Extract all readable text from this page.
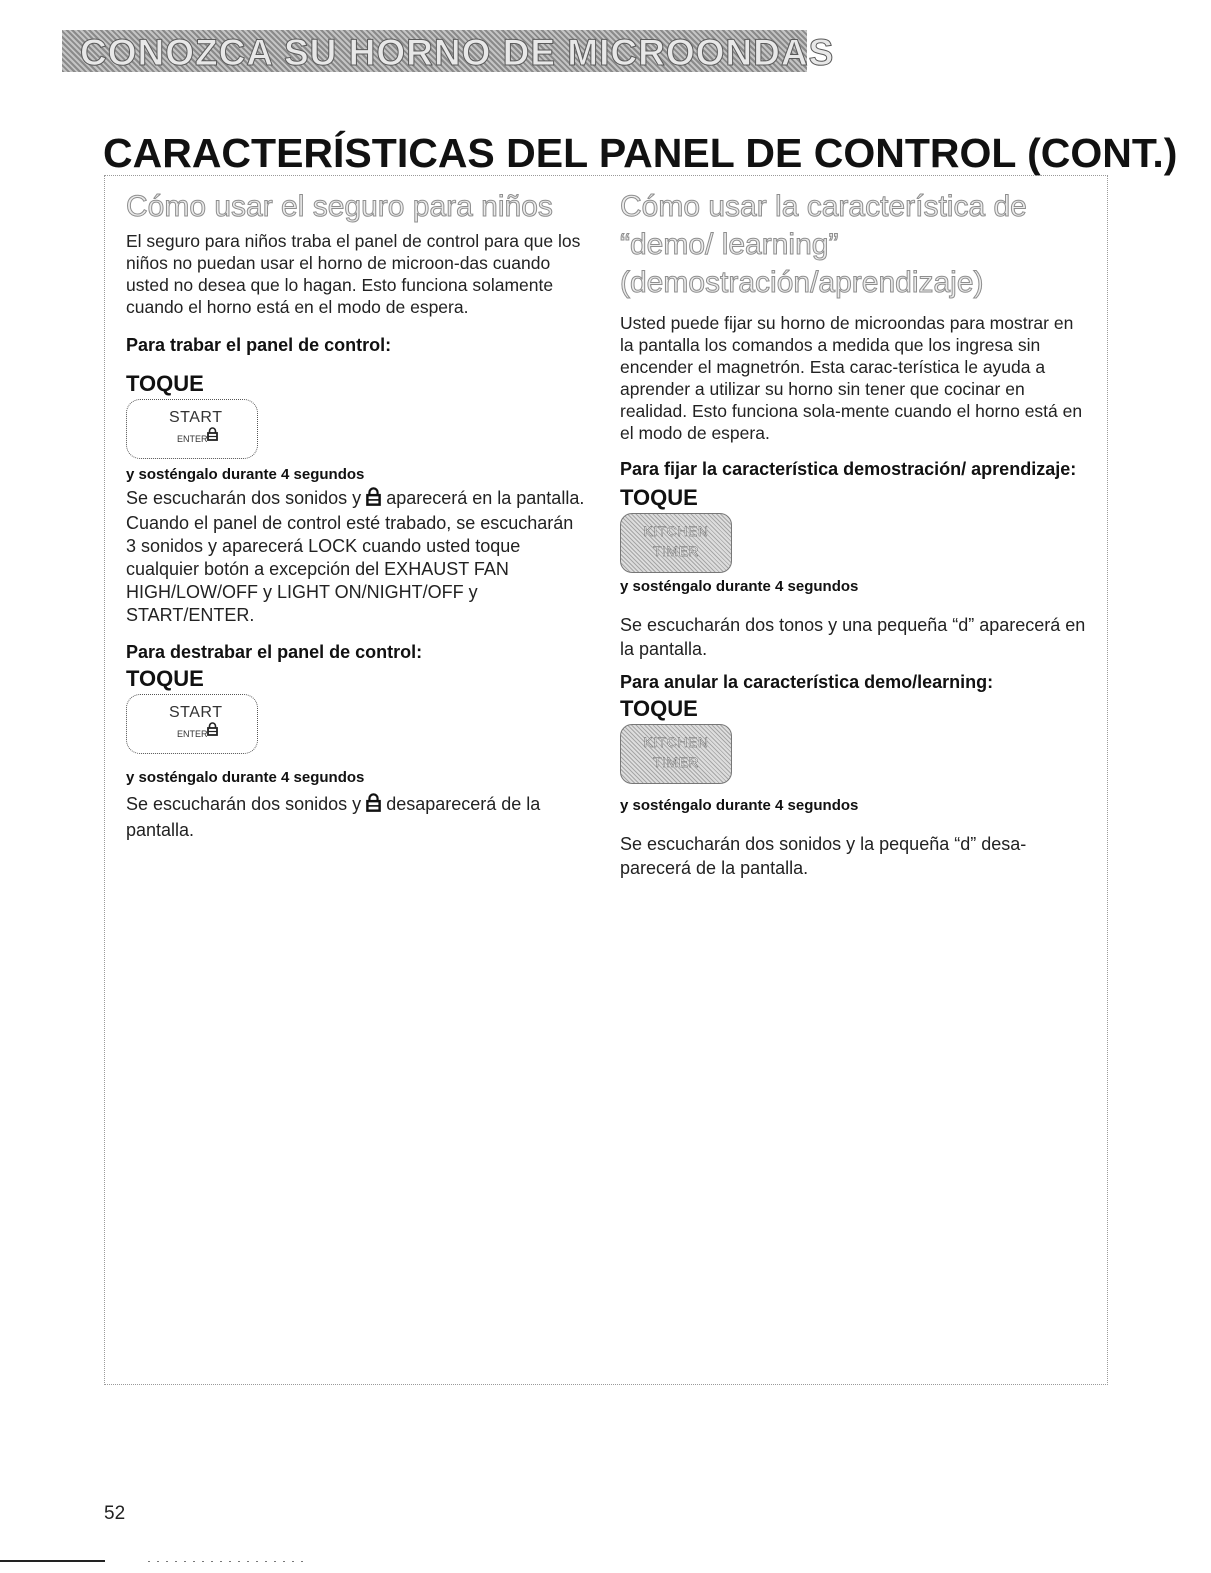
CONOZCA SU HORNO DE MICROONDAS
CARACTERÍSTICAS DEL PANEL DE CONTROL (CONT.)
Cómo usar el seguro para niños

El seguro para niños traba el panel de control para que los niños no puedan usar el horno de microon-das cuando usted no desea que lo hagan. Esto funciona solamente cuando el horno está en el modo de espera.

Para trabar el panel de control:

TOQUE

START
ENTER

y sosténgalo durante 4 segundos

Se escucharán dos sonidos y aparecerá en la pantalla. Cuando el panel de control esté trabado, se escucharán 3 sonidos y aparecerá LOCK cuando usted toque cualquier botón a excepción del EXHAUST FAN HIGH/LOW/OFF y LIGHT ON/NIGHT/OFF y START/ENTER.

Para destrabar el panel de control:

TOQUE

START
ENTER

y sosténgalo durante 4 segundos

Se escucharán dos sonidos y desaparecerá de la pantalla.

Cómo usar la característica de “demo/ learning” (demostración/aprendizaje)

Usted puede fijar su horno de microondas para mostrar en la pantalla los comandos a medida que los ingresa sin encender el magnetrón. Esta carac-terística le ayuda a aprender a utilizar su horno sin tener que cocinar en realidad. Esto funciona sola-mente cuando el horno está en el modo de espera.

Para fijar la característica demostración/ aprendizaje:

TOQUE

KITCHEN
TIMER

y sosténgalo durante 4 segundos

Se escucharán dos tonos y una pequeña “d” aparecerá en la pantalla.

Para anular la característica demo/learning:

TOQUE

KITCHEN
TIMER

y sosténgalo durante 4 segundos

Se escucharán dos sonidos y la pequeña “d” desa-parecerá de la pantalla.

52
